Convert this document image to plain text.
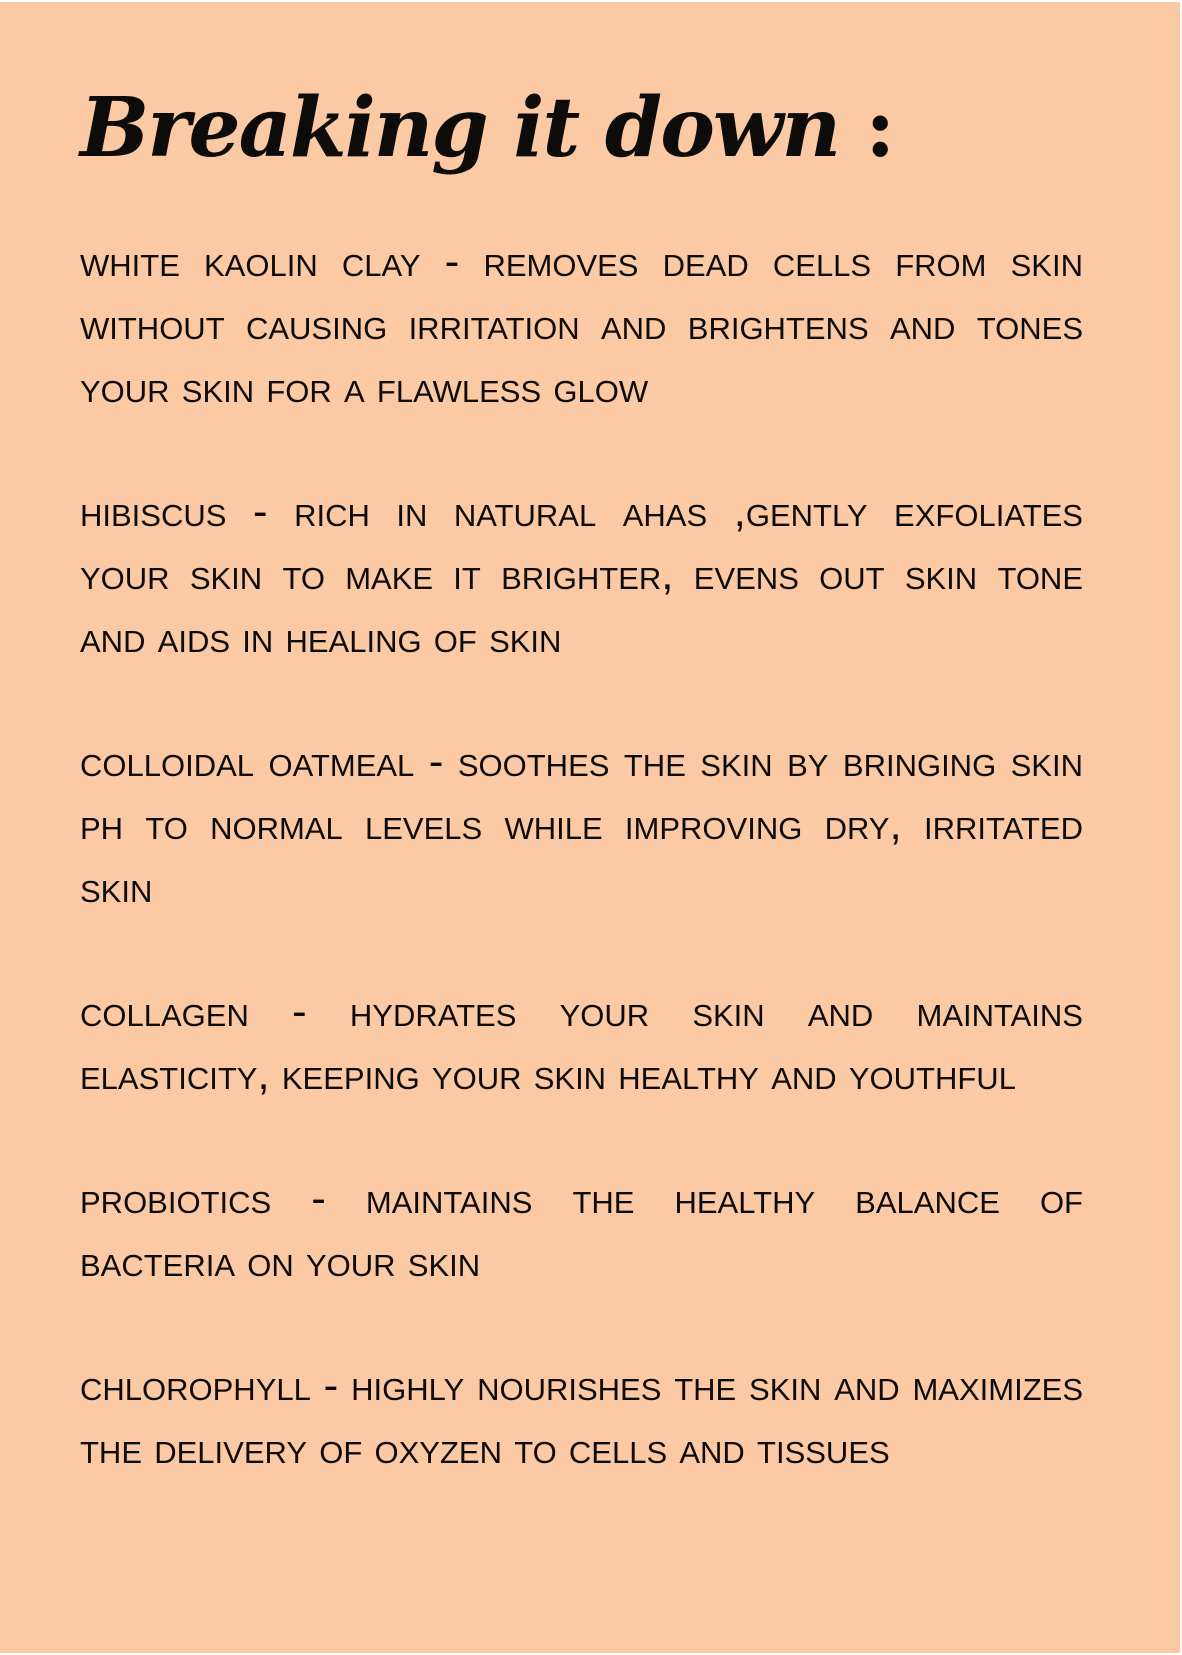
Breaking it down :

white kaolin clay - removes dead cells from skin without causing irritation and brightens and tones your skin for a flawless glow

hibiscus - rich in natural ahas ,gently exfoliates your skin to make it brighter, evens out skin tone and aids in healing of skin

colloidal oatmeal - soothes the skin by bringing skin ph to normal levels while improving dry, irritated skin

collagen - hydrates your skin and maintains elasticity, keeping your skin healthy and youthful

probiotics - maintains the healthy balance of bacteria on your skin

chlorophyll - highly nourishes the skin and maximizes the delivery of oxyzen to cells and tissues
